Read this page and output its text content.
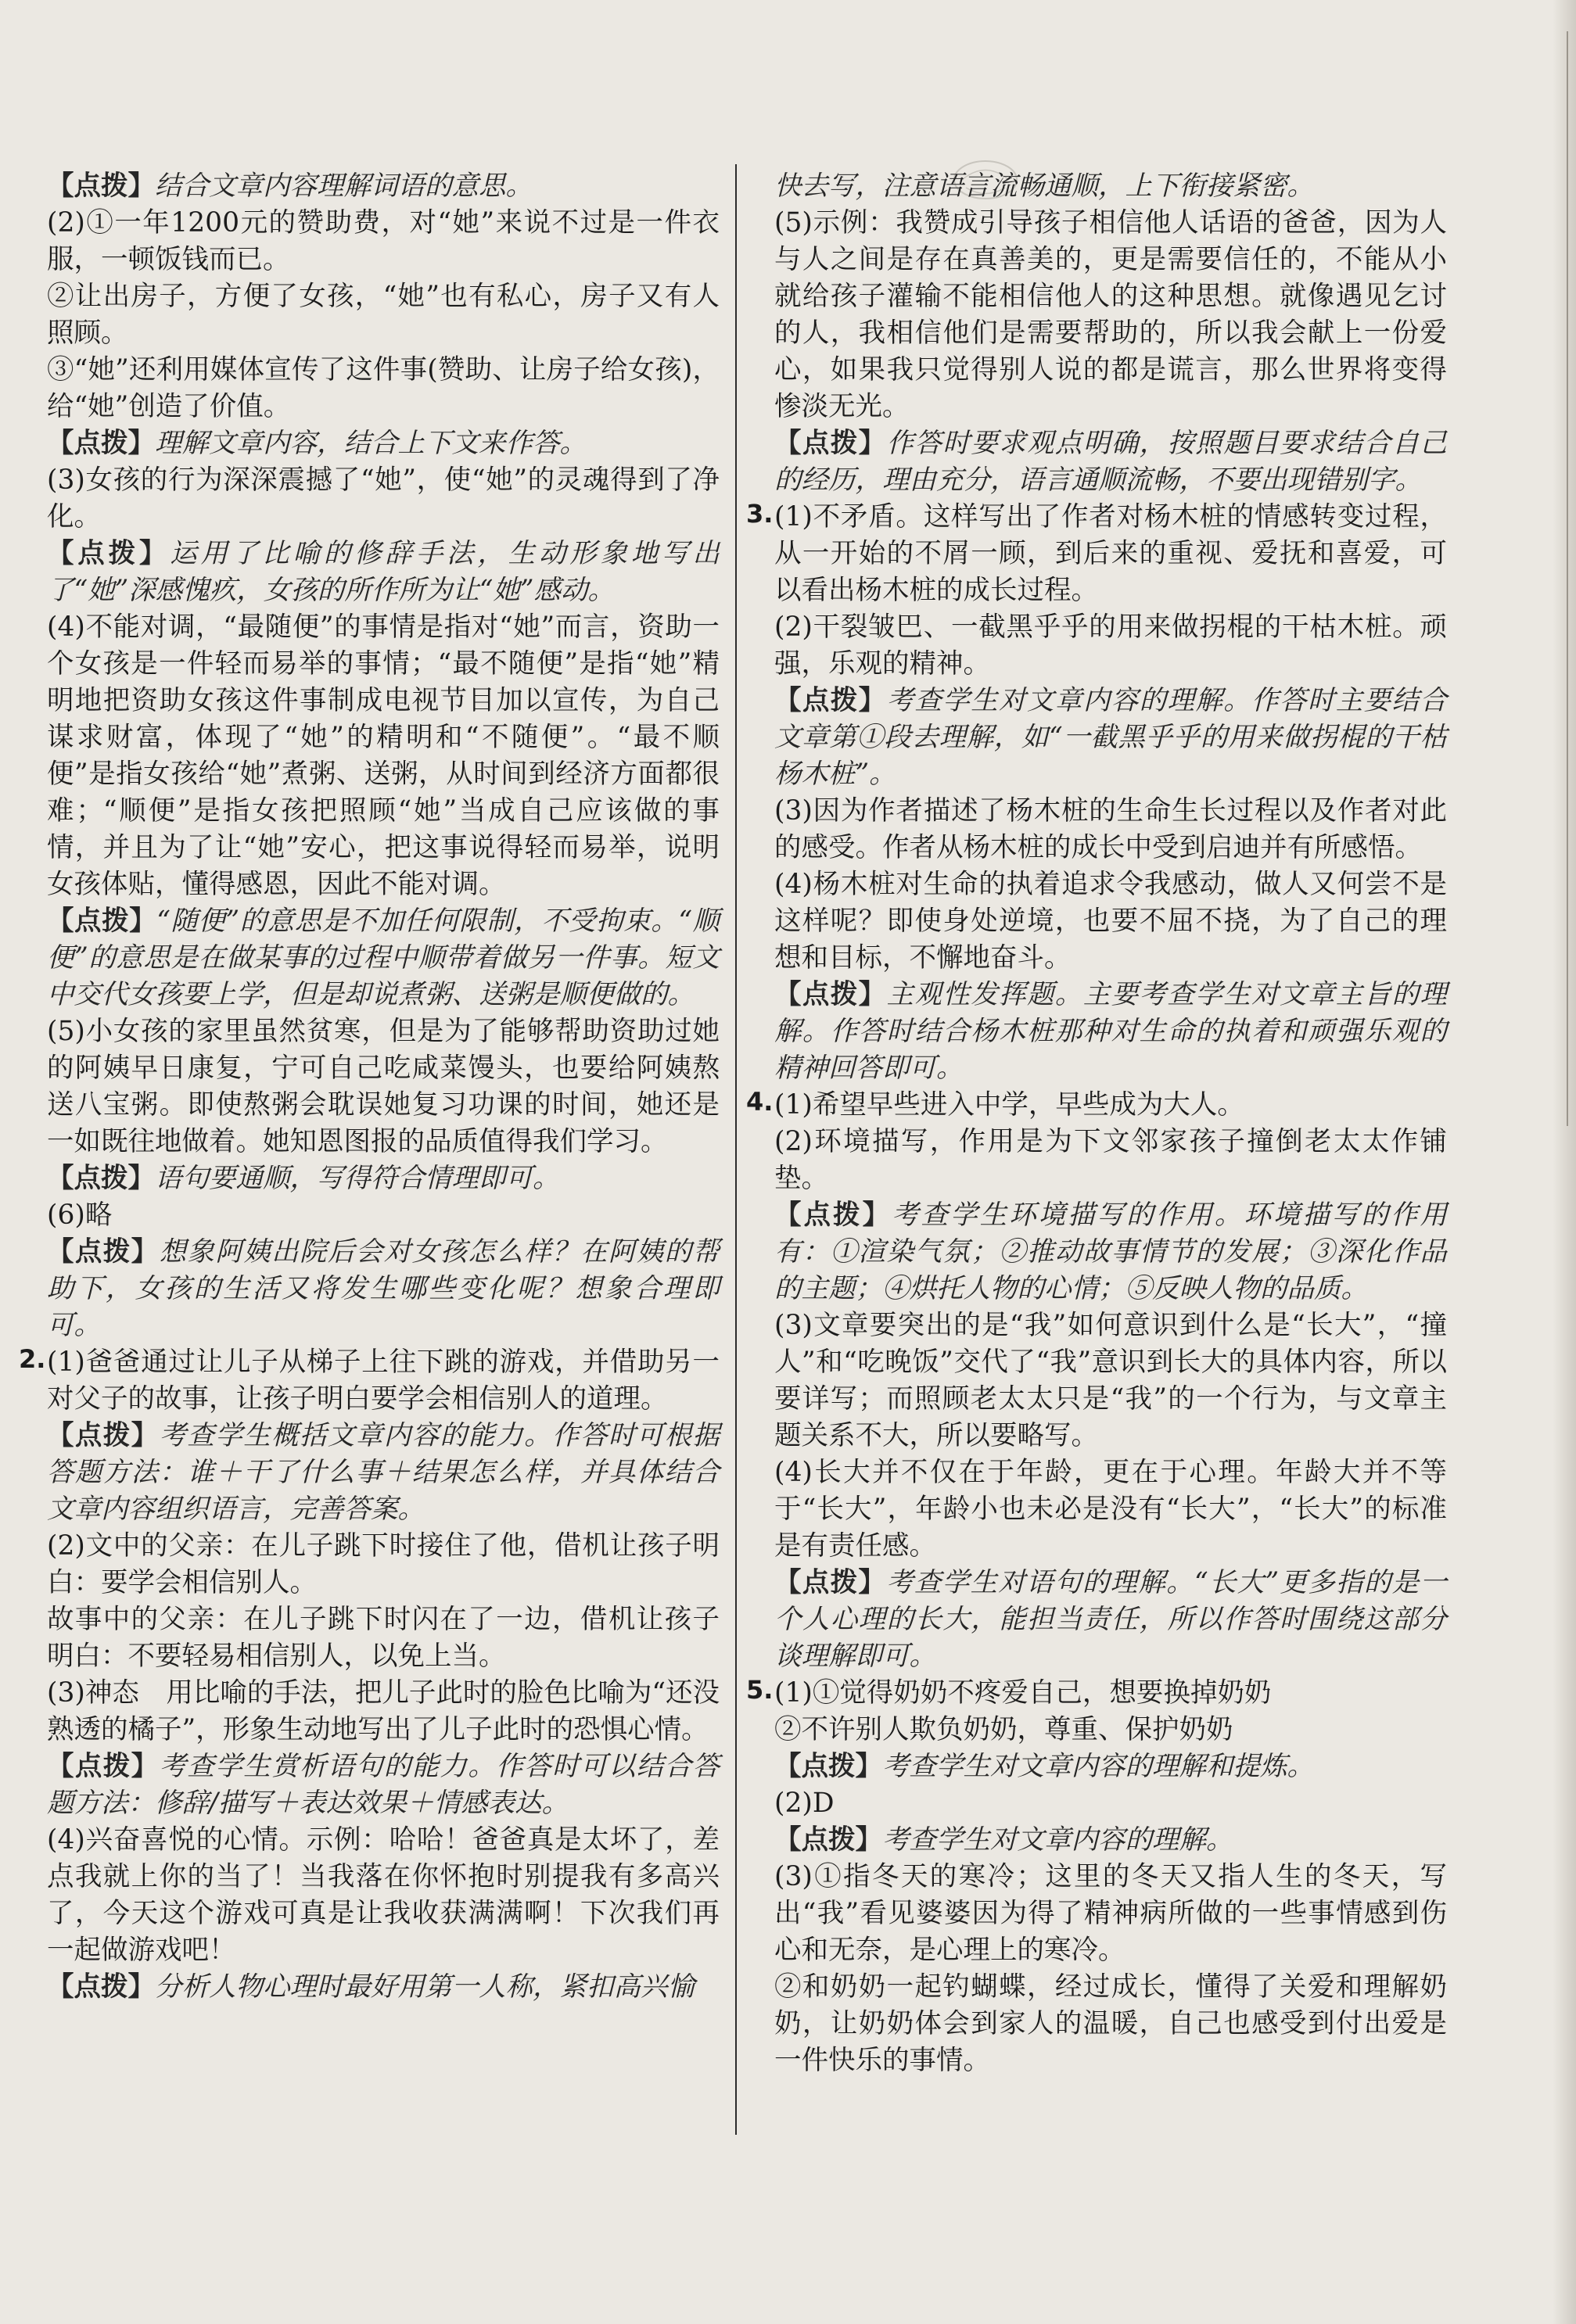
【点拨】结合文章内容理解词语的意思。

(2)①一年1200元的赞助费，对“她”来说不过是一件衣服，一顿饭钱而已。

②让出房子，方便了女孩，“她”也有私心，房子又有人照顾。

③“她”还利用媒体宣传了这件事(赞助、让房子给女孩)，给“她”创造了价值。

【点拨】理解文章内容，结合上下文来作答。

(3)女孩的行为深深震撼了“她”，使“她”的灵魂得到了净化。

【点拨】运用了比喻的修辞手法，生动形象地写出了“她”深感愧疚，女孩的所作所为让“她”感动。

(4)不能对调，“最随便”的事情是指对“她”而言，资助一个女孩是一件轻而易举的事情；“最不随便”是指“她”精明地把资助女孩这件事制成电视节目加以宣传，为自己谋求财富，体现了“她”的精明和“不随便”。“最不顺便”是指女孩给“她”煮粥、送粥，从时间到经济方面都很难；“顺便”是指女孩把照顾“她”当成自己应该做的事情，并且为了让“她”安心，把这事说得轻而易举，说明女孩体贴，懂得感恩，因此不能对调。

【点拨】“随便”的意思是不加任何限制，不受拘束。“顺便”的意思是在做某事的过程中顺带着做另一件事。短文中交代女孩要上学，但是却说煮粥、送粥是顺便做的。

(5)小女孩的家里虽然贫寒，但是为了能够帮助资助过她的阿姨早日康复，宁可自己吃咸菜馒头，也要给阿姨熬送八宝粥。即使熬粥会耽误她复习功课的时间，她还是一如既往地做着。她知恩图报的品质值得我们学习。

【点拨】语句要通顺，写得符合情理即可。

(6)略

【点拨】想象阿姨出院后会对女孩怎么样？在阿姨的帮助下，女孩的生活又将发生哪些变化呢？想象合理即可。

2. (1)爸爸通过让儿子从梯子上往下跳的游戏，并借助另一对父子的故事，让孩子明白要学会相信别人的道理。

【点拨】考查学生概括文章内容的能力。作答时可根据答题方法：谁＋干了什么事＋结果怎么样，并具体结合文章内容组织语言，完善答案。

(2)文中的父亲：在儿子跳下时接住了他，借机让孩子明白：要学会相信别人。

故事中的父亲：在儿子跳下时闪在了一边，借机让孩子明白：不要轻易相信别人，以免上当。

(3)神态　用比喻的手法，把儿子此时的脸色比喻为“还没熟透的橘子”，形象生动地写出了儿子此时的恐惧心情。

【点拨】考查学生赏析语句的能力。作答时可以结合答题方法：修辞/描写＋表达效果＋情感表达。

(4)兴奋喜悦的心情。示例：哈哈！爸爸真是太坏了，差点我就上你的当了！当我落在你怀抱时别提我有多高兴了，今天这个游戏可真是让我收获满满啊！下次我们再一起做游戏吧！

【点拨】分析人物心理时最好用第一人称，紧扣高兴愉

快去写，注意语言流畅通顺，上下衔接紧密。

(5)示例：我赞成引导孩子相信他人话语的爸爸，因为人与人之间是存在真善美的，更是需要信任的，不能从小就给孩子灌输不能相信他人的这种思想。就像遇见乞讨的人，我相信他们是需要帮助的，所以我会献上一份爱心，如果我只觉得别人说的都是谎言，那么世界将变得惨淡无光。

【点拨】作答时要求观点明确，按照题目要求结合自己的经历，理由充分，语言通顺流畅，不要出现错别字。

3. (1)不矛盾。这样写出了作者对杨木桩的情感转变过程，从一开始的不屑一顾，到后来的重视、爱抚和喜爱，可以看出杨木桩的成长过程。

(2)干裂皱巴、一截黑乎乎的用来做拐棍的干枯木桩。顽强，乐观的精神。

【点拨】考查学生对文章内容的理解。作答时主要结合文章第①段去理解，如“一截黑乎乎的用来做拐棍的干枯杨木桩”。

(3)因为作者描述了杨木桩的生命生长过程以及作者对此的感受。作者从杨木桩的成长中受到启迪并有所感悟。

(4)杨木桩对生命的执着追求令我感动，做人又何尝不是这样呢？即使身处逆境，也要不屈不挠，为了自己的理想和目标，不懈地奋斗。

【点拨】主观性发挥题。主要考查学生对文章主旨的理解。作答时结合杨木桩那种对生命的执着和顽强乐观的精神回答即可。

4. (1)希望早些进入中学，早些成为大人。

(2)环境描写，作用是为下文邻家孩子撞倒老太太作铺垫。

【点拨】考查学生环境描写的作用。环境描写的作用有：①渲染气氛；②推动故事情节的发展；③深化作品的主题；④烘托人物的心情；⑤反映人物的品质。

(3)文章要突出的是“我”如何意识到什么是“长大”，“撞人”和“吃晚饭”交代了“我”意识到长大的具体内容，所以要详写；而照顾老太太只是“我”的一个行为，与文章主题关系不大，所以要略写。

(4)长大并不仅在于年龄，更在于心理。年龄大并不等于“长大”，年龄小也未必是没有“长大”，“长大”的标准是有责任感。

【点拨】考查学生对语句的理解。“长大”更多指的是一个人心理的长大，能担当责任，所以作答时围绕这部分谈理解即可。

5. (1)①觉得奶奶不疼爱自己，想要换掉奶奶

②不许别人欺负奶奶，尊重、保护奶奶

【点拨】考查学生对文章内容的理解和提炼。

(2)D

【点拨】考查学生对文章内容的理解。

(3)①指冬天的寒冷；这里的冬天又指人生的冬天，写出“我”看见婆婆因为得了精神病所做的一些事情感到伤心和无奈，是心理上的寒冷。

②和奶奶一起钓蝴蝶，经过成长，懂得了关爱和理解奶奶，让奶奶体会到家人的温暖，自己也感受到付出爱是一件快乐的事情。
